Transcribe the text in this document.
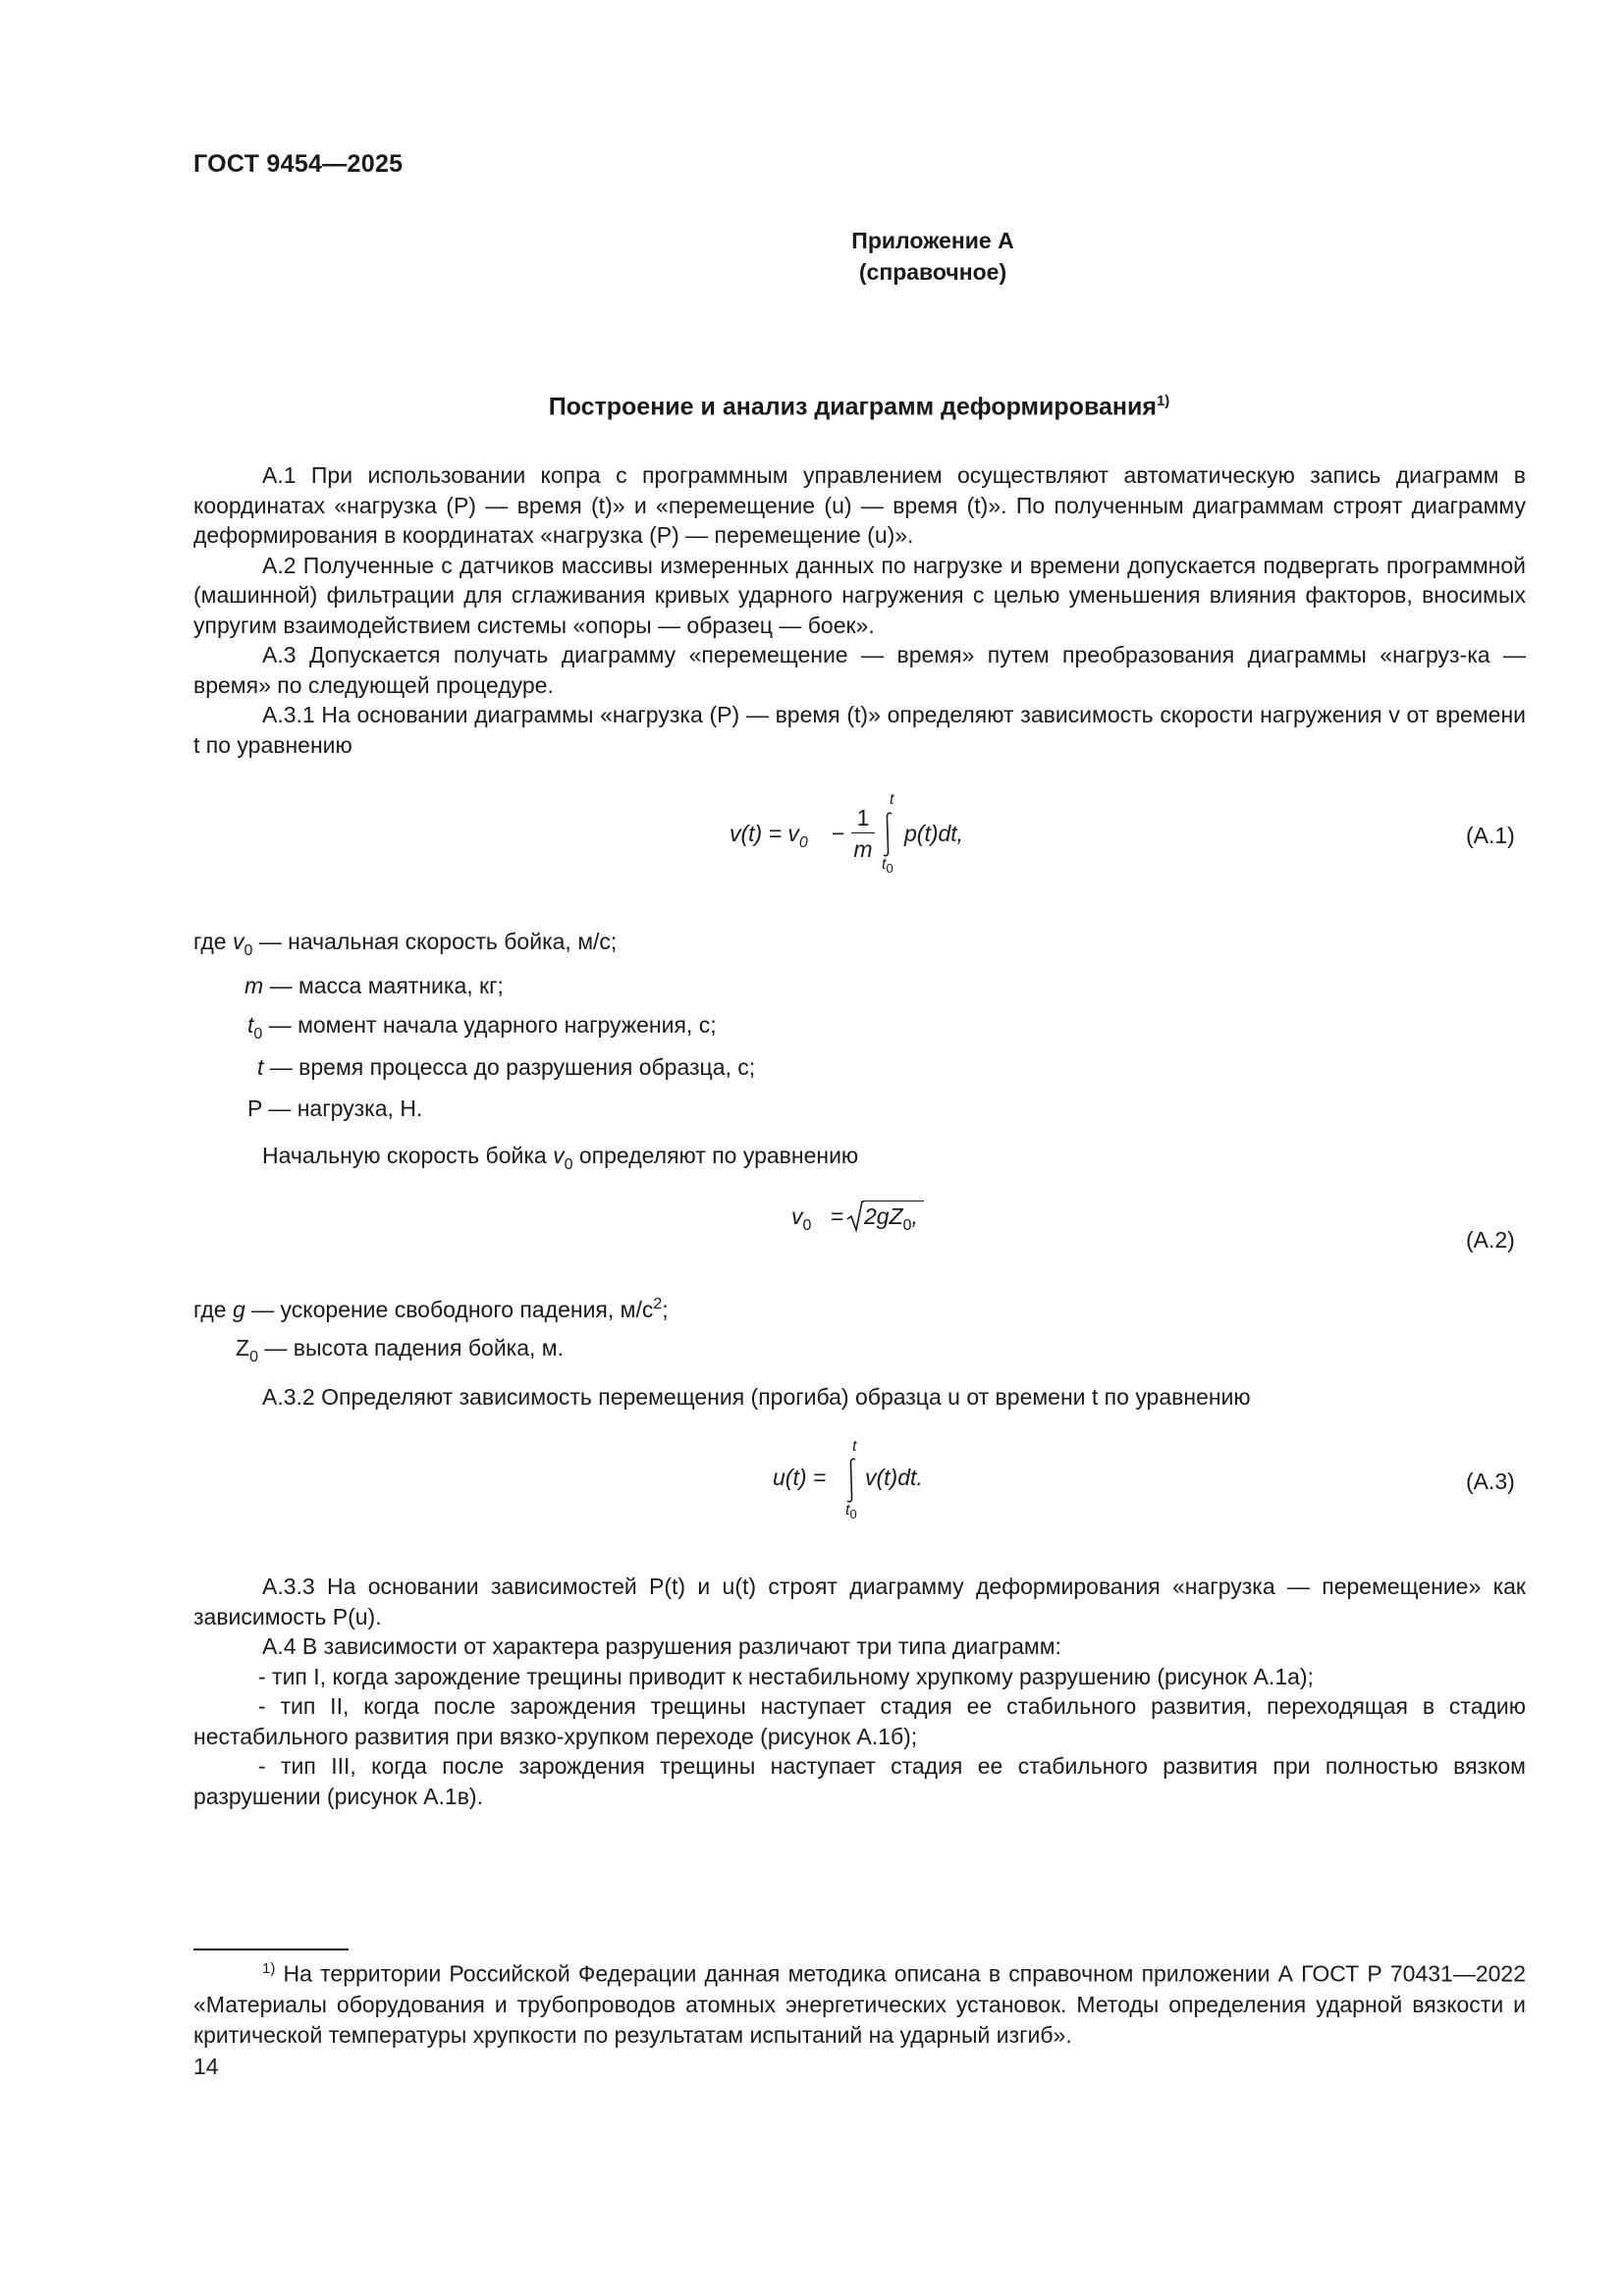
ГОСТ 9454—2025
Приложение А
(справочное)
Построение и анализ диаграмм деформирования$^{1)}$

А.1 При использовании копра с программным управлением осуществляют автоматическую запись диаграмм в координатах «нагрузка (P) — время (t)» и «перемещение (u) — время (t)». По полученным диаграммам строят диаграмму деформирования в координатах «нагрузка (P) — перемещение (u)».

А.2 Полученные с датчиков массивы измеренных данных по нагрузке и времени допускается подвергать программной (машинной) фильтрации для сглаживания кривых ударного нагружения с целью уменьшения влияния факторов, вносимых упругим взаимодействием системы «опоры — образец — боек».

А.3 Допускается получать диаграмму «перемещение — время» путем преобразования диаграммы «нагруз-ка — время» по следующей процедуре.

А.3.1 На основании диаграммы «нагрузка (P) — время (t)» определяют зависимость скорости нагружения v от времени t по уравнению

$v(t) = v_0$ −
1
m
t
$t_0$
p(t)dt,	(А.1)
где $v_0$ — начальная скорость бойка, м/с;
m — масса маятника, кг;
$t_0$ — момент начала ударного нагружения, с;
t — время процесса до разрушения образца, с;
P — нагрузка, Н.
Начальную скорость бойка $v_0$ определяют по уравнению
$v_0 = 2gZ_0$,
(А.2)
где g — ускорение свободного падения, $м/с^2$;
$Z_0$ — высота падения бойка, м.

А.3.2 Определяют зависимость перемещения (прогиба) образца u от времени t по уравнению

u(t) =
t
$t_0$
v(t)dt.	(А.3)

А.3.3 На основании зависимостей P(t) и u(t) строят диаграмму деформирования «нагрузка — перемещение» как зависимость P(u).

А.4 В зависимости от характера разрушения различают три типа диаграмм:

- тип I, когда зарождение трещины приводит к нестабильному хрупкому разрушению (рисунок А.1а);

- тип II, когда после зарождения трещины наступает стадия ее стабильного развития, переходящая в стадию нестабильного развития при вязко-хрупком переходе (рисунок А.1б);

- тип III, когда после зарождения трещины наступает стадия ее стабильного развития при полностью вязком разрушении (рисунок А.1в).

$^{1)}$ На территории Российской Федерации данная методика описана в справочном приложении А ГОСТ Р 70431—2022 «Материалы оборудования и трубопроводов атомных энергетических установок. Методы определения ударной вязкости и критической температуры хрупкости по результатам испытаний на ударный изгиб».

14
